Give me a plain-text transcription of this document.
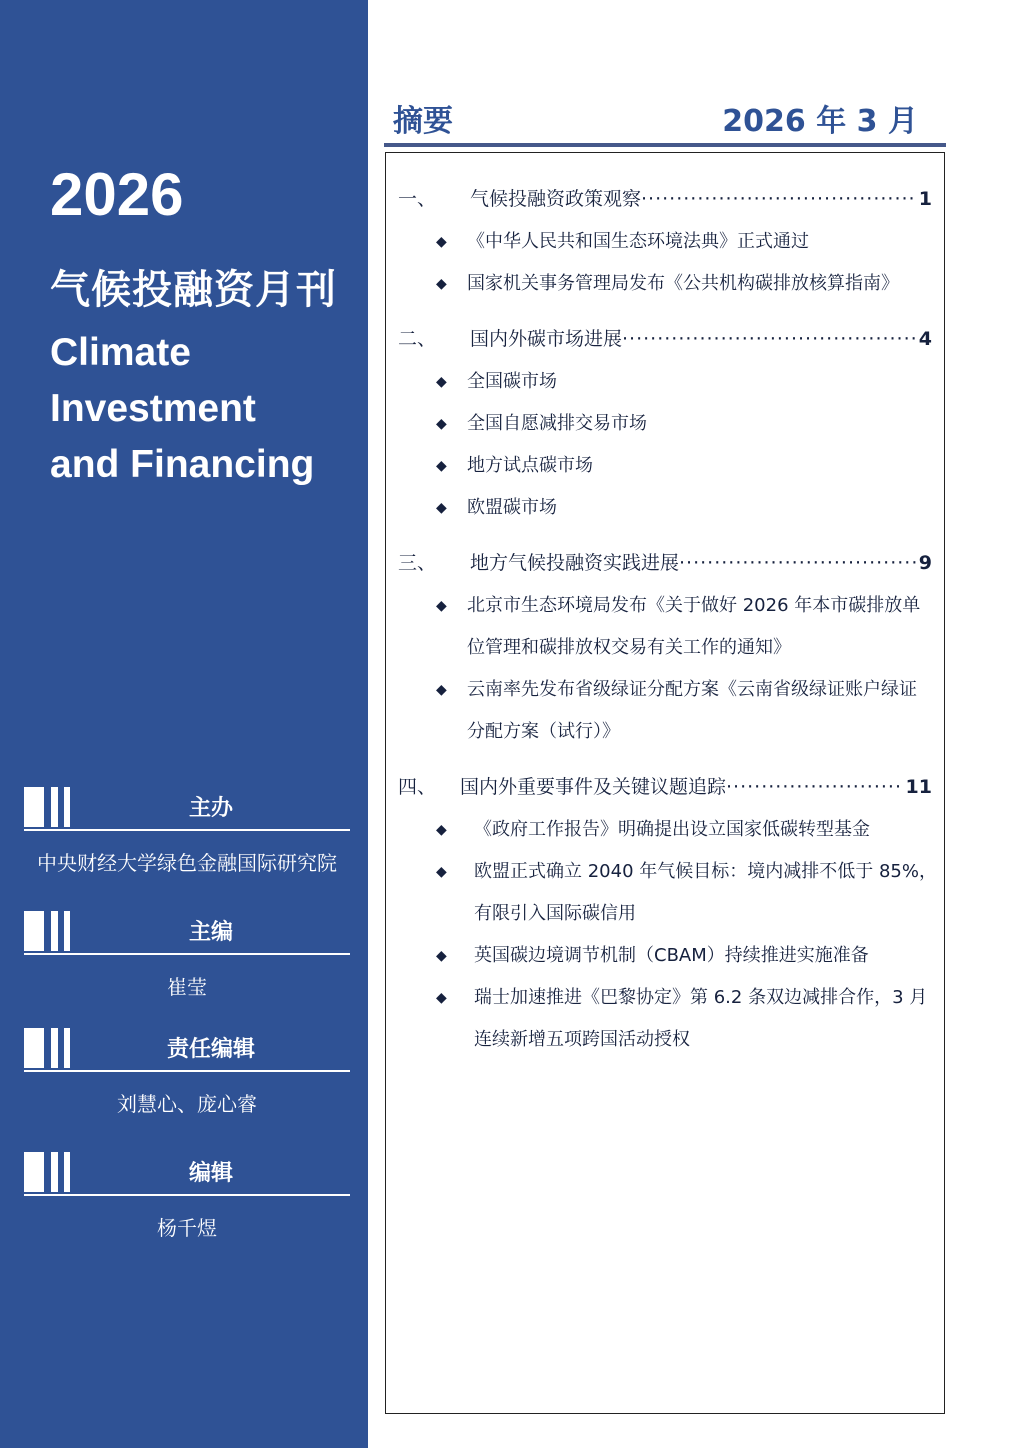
2026
气候投融资月刊
Climate
Investment
and Financing
主办
中央财经大学绿色金融国际研究院
主编
崔莹
责任编辑
刘慧心、庞心睿
编辑
杨千煜
摘要	2026 年 3 月
一、	气候投融资政策观察 ·····	1
◆ 《中华人民共和国生态环境法典》正式通过
◆ 国家机关事务管理局发布《公共机构碳排放核算指南》
二、	国内外碳市场进展 ·····	4
◆ 全国碳市场
◆ 全国自愿减排交易市场
◆ 地方试点碳市场
◆ 欧盟碳市场
三、	地方气候投融资实践进展 ·····	9
◆ 北京市生态环境局发布《关于做好 2026 年本市碳排放单
位管理和碳排放权交易有关工作的通知》
◆ 云南率先发布省级绿证分配方案《云南省级绿证账户绿证
分配方案（试行）》
四、	国内外重要事件及关键议题追踪 ·····	11
◆ 《政府工作报告》明确提出设立国家低碳转型基金
◆ 欧盟正式确立 2040 年气候目标：境内减排不低于 85%，
有限引入国际碳信用
◆ 英国碳边境调节机制（CBAM）持续推进实施准备
◆ 瑞士加速推进《巴黎协定》第 6.2 条双边减排合作，3 月
连续新增五项跨国活动授权
